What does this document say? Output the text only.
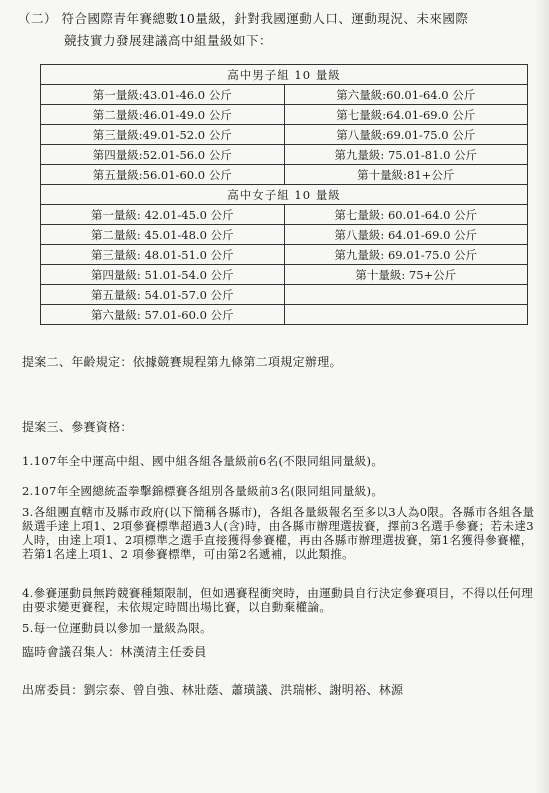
（二） 符合國際青年賽總數10量級，針對我國運動人口、運動現況、未來國際
競技實力發展建議高中組量級如下：
高中男子組 10 量級	
第一量級:43.01-46.0 公斤	第六量級:60.01-64.0 公斤
第二量級:46.01-49.0 公斤	第七量級:64.01-69.0 公斤
第三量級:49.01-52.0 公斤	第八量級:69.01-75.0 公斤
第四量級:52.01-56.0 公斤	第九量級: 75.01-81.0 公斤
第五量級:56.01-60.0 公斤	第十量級:81+公斤
高中女子組 10 量級	
第一量級: 42.01-45.0 公斤	第七量級: 60.01-64.0 公斤
第二量級: 45.01-48.0 公斤	第八量級: 64.01-69.0 公斤
第三量級: 48.01-51.0 公斤	第九量級: 69.01-75.0 公斤
第四量級: 51.01-54.0 公斤	第十量級: 75+公斤
第五量級: 54.01-57.0 公斤	
第六量級: 57.01-60.0 公斤	
提案二、年齡規定：依據競賽規程第九條第二項規定辦理。
提案三、參賽資格：
1.107年全中運高中組、國中組各組各量級前6名(不限同組同量級)。
2.107年全國總統盃拳擊錦標賽各組別各量級前3名(限同組同量級)。
3.各組團直轄市及縣市政府(以下簡稱各縣市)，各組各量級報名至多以3人為0限。各縣市各組各量級選手達上項1、2項參賽標準超過3人(含)時，由各縣市辦理選拔賽，擇前3名選手參賽；若未達3人時，由達上項1、2項標準之選手直接獲得參賽權，再由各縣市辦理選拔賽，第1名獲得參賽權，若第1名達上項1、2 項參賽標準，可由第2名遞補，以此類推。
4.參賽運動員無跨競賽種類限制，但如遇賽程衝突時，由運動員自行決定參賽項目，不得以任何理由要求變更賽程，未依規定時間出場比賽，以自動棄權論。
5.每一位運動員以參加一量級為限。
臨時會議召集人：林漢清主任委員
出席委員：劉宗泰、曾自強、林壯蔭、蕭璜議、洪瑞彬、謝明裕、林源
